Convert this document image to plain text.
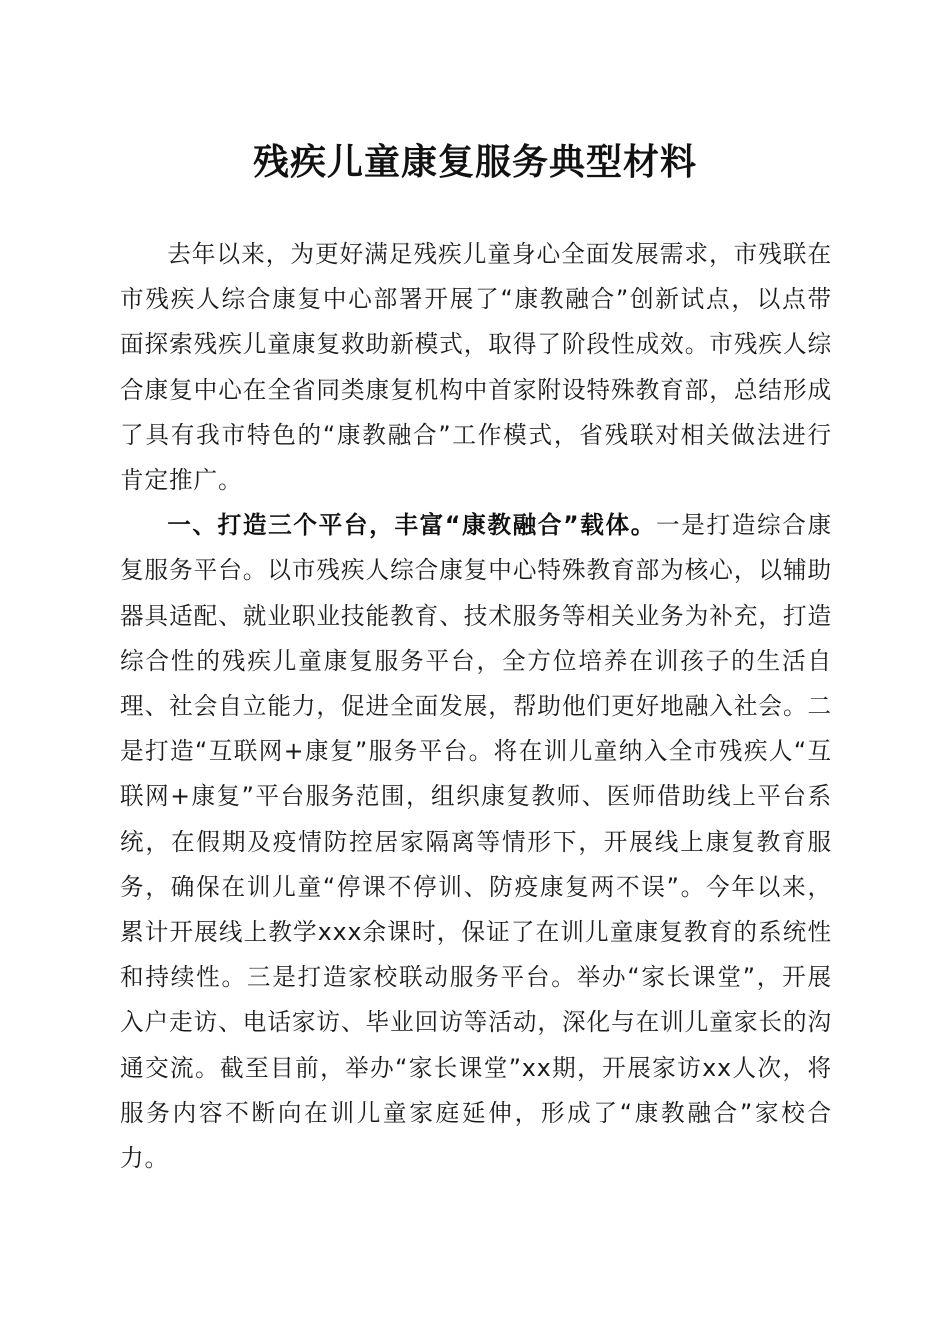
残疾儿童康复服务典型材料

去年以来，为更好满足残疾儿童身心全面发展需求，市残联在市残疾人综合康复中心部署开展了“康教融合”创新试点，以点带面探索残疾儿童康复救助新模式，取得了阶段性成效。市残疾人综合康复中心在全省同类康复机构中首家附设特殊教育部，总结形成了具有我市特色的“康教融合”工作模式，省残联对相关做法进行肯定推广。

一、打造三个平台，丰富“康教融合”载体。一是打造综合康复服务平台。以市残疾人综合康复中心特殊教育部为核心，以辅助器具适配、就业职业技能教育、技术服务等相关业务为补充，打造综合性的残疾儿童康复服务平台，全方位培养在训孩子的生活自理、社会自立能力，促进全面发展，帮助他们更好地融入社会。二是打造“互联网+康复”服务平台。将在训儿童纳入全市残疾人“互联网+康复”平台服务范围，组织康复教师、医师借助线上平台系统，在假期及疫情防控居家隔离等情形下，开展线上康复教育服务，确保在训儿童“停课不停训、防疫康复两不误”。今年以来，累计开展线上教学xxx余课时，保证了在训儿童康复教育的系统性和持续性。三是打造家校联动服务平台。举办“家长课堂”，开展入户走访、电话家访、毕业回访等活动，深化与在训儿童家长的沟通交流。截至目前，举办“家长课堂”xx期，开展家访xx人次，将服务内容不断向在训儿童家庭延伸，形成了“康教融合”家校合力。
